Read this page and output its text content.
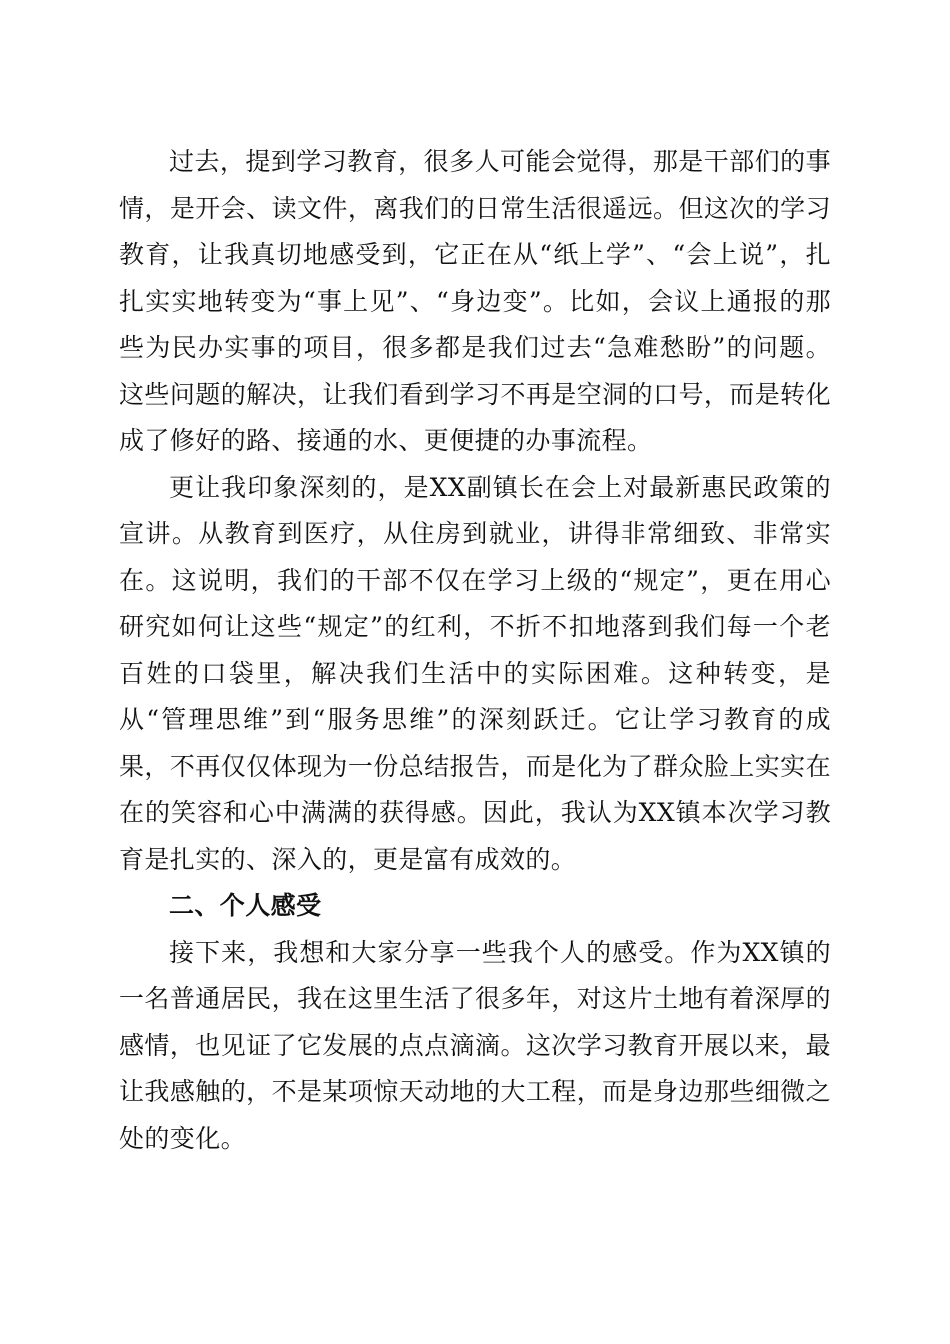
过去，提到学习教育，很多人可能会觉得，那是干部们的事情，是开会、读文件，离我们的日常生活很遥远。但这次的学习教育，让我真切地感受到，它正在从“纸上学”、“会上说”，扎扎实实地转变为“事上见”、“身边变”。比如，会议上通报的那些为民办实事的项目，很多都是我们过去“急难愁盼”的问题。这些问题的解决，让我们看到学习不再是空洞的口号，而是转化成了修好的路、接通的水、更便捷的办事流程。

更让我印象深刻的，是XX副镇长在会上对最新惠民政策的宣讲。从教育到医疗，从住房到就业，讲得非常细致、非常实在。这说明，我们的干部不仅在学习上级的“规定”，更在用心研究如何让这些“规定”的红利，不折不扣地落到我们每一个老百姓的口袋里，解决我们生活中的实际困难。这种转变，是从“管理思维”到“服务思维”的深刻跃迁。它让学习教育的成果，不再仅仅体现为一份总结报告，而是化为了群众脸上实实在在的笑容和心中满满的获得感。因此，我认为XX镇本次学习教育是扎实的、深入的，更是富有成效的。

二、个人感受

接下来，我想和大家分享一些我个人的感受。作为XX镇的一名普通居民，我在这里生活了很多年，对这片土地有着深厚的感情，也见证了它发展的点点滴滴。这次学习教育开展以来，最让我感触的，不是某项惊天动地的大工程，而是身边那些细微之处的变化。
